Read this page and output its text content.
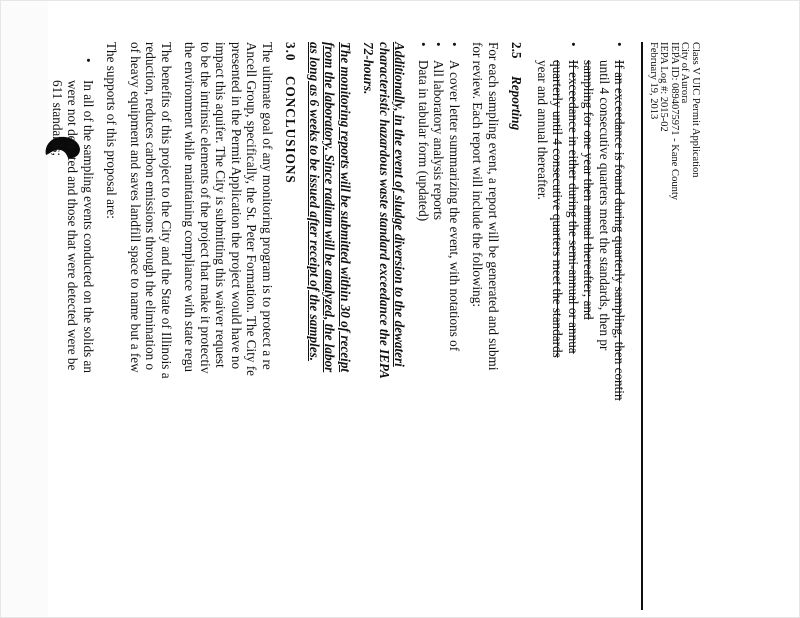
Class V UIC Permit Application
City of Aurora
IEPA ID: 0894075971 - Kane County
IEPA Log #: 2015-02
February 19, 2013
•
If an exceedance is found during quarterly sampling, then contin
until 4 consecutive quarters meet the standards, then pr
sampling for one year then annual thereafter; and
•
If exceedance in either during the semi-annual or annua
quarterly until 4 consecutive quarters meet the standards
year and annual thereafter.
2.5Reporting
For each sampling event, a report will be generated and submi
for review. Each report will include the following:
•
A cover letter summarizing the event, with notations of
•
All laboratory analysis reports
•
Data in tabular form (updated)
Additionally, in the event of sludge diversion to the dewateri
characteristic hazardous waste standard exceedance the IEPA
72-hours.
The monitoring reports will be submitted within 30 of receipt
from the laboratory. Since radium will be analyzed, the labor
as long as 6 weeks to be issued after receipt of the samples.
3.0CONCLUSIONS
The ultimate goal of any monitoring program is to protect a re
Ancell Group, specifically, the St. Peter Formation. The City fe
presented in the Permit Application the project would have no
impact this aquifer. The City is submitting this waiver request
to be the intrinsic elements of the project that make it protectiv
the environment while maintaining compliance with state regu
The benefits of this project to the City and the State of Illinois a
reduction, reduces carbon emissions through the elimination o
of heavy equipment and saves landfill space to name but a few
The supports of this proposal are:
•
In all of the sampling events conducted on the solids an
were not detected and those that were detected were be
611 standards;
